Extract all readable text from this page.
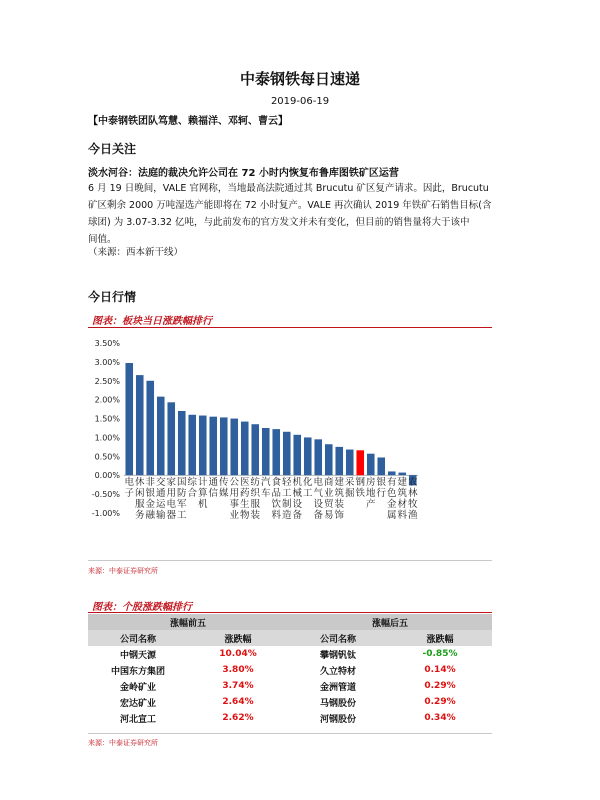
中泰钢铁每日速递
2019-06-19
【中泰钢铁团队笃慧、赖福洋、邓轲、曹云】
今日关注
淡水河谷：法庭的裁决允许公司在 72 小时内恢复布鲁库图铁矿区运营
6 月 19 日晚间，VALE 官网称，当地最高法院通过其 Brucutu 矿区复产请求。因此，Brucutu
矿区剩余 2000 万吨湿选产能即将在 72 小时复产。VALE 再次确认 2019 年铁矿石销售目标(含
球团) 为 3.07-3.32 亿吨，与此前发布的官方发文并未有变化，但目前的销售量将大于该中
间值。
（来源：西本新干线）
今日行情
图表：板块当日涨跌幅排行
3.50%
3.00%
2.50%
2.00%
1.50%
1.00%
0.50%
0.00%
-0.50%
-1.00%
电子
休闲服务
非银金融
交通运输
家用电器
国防军工
综合
计算机
通信
传媒
公用事业
医药生物
纺织服装
汽车
食品饮料
轻工制造
机械设备
化工
电气设备
商业贸易
建筑装饰
采掘
钢铁
房地产
银行
有色金属
建筑材料
农林牧渔
来源：中泰证券研究所
图表：个股涨跌幅排行
涨幅前五		涨幅后五	
公司名称	涨跌幅	公司名称	涨跌幅
中钢天源	10.04%	攀钢钒钛	-0.85%
中国东方集团	3.80%	久立特材	0.14%
金岭矿业	3.74%	金洲管道	0.29%
宏达矿业	2.64%	马钢股份	0.29%
河北宣工	2.62%	河钢股份	0.34%
来源：中泰证券研究所
